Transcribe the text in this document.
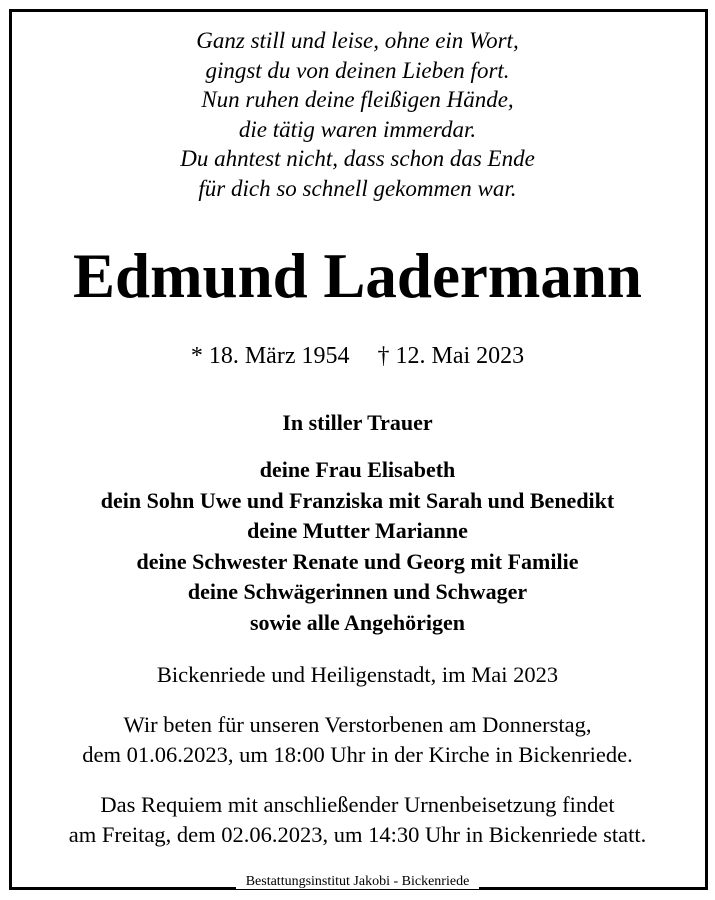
Ganz still und leise, ohne ein Wort,
gingst du von deinen Lieben fort.
Nun ruhen deine fleißigen Hände,
die tätig waren immerdar.
Du ahntest nicht, dass schon das Ende
für dich so schnell gekommen war.
Edmund Ladermann
* 18. März 1954 † 12. Mai 2023
In stiller Trauer
deine Frau Elisabeth
dein Sohn Uwe und Franziska mit Sarah und Benedikt
deine Mutter Marianne
deine Schwester Renate und Georg mit Familie
deine Schwägerinnen und Schwager
sowie alle Angehörigen
Bickenriede und Heiligenstadt, im Mai 2023
Wir beten für unseren Verstorbenen am Donnerstag,
dem 01.06.2023, um 18:00 Uhr in der Kirche in Bickenriede.
Das Requiem mit anschließender Urnenbeisetzung findet
am Freitag, dem 02.06.2023, um 14:30 Uhr in Bickenriede statt.
Bestattungsinstitut Jakobi - Bickenriede
